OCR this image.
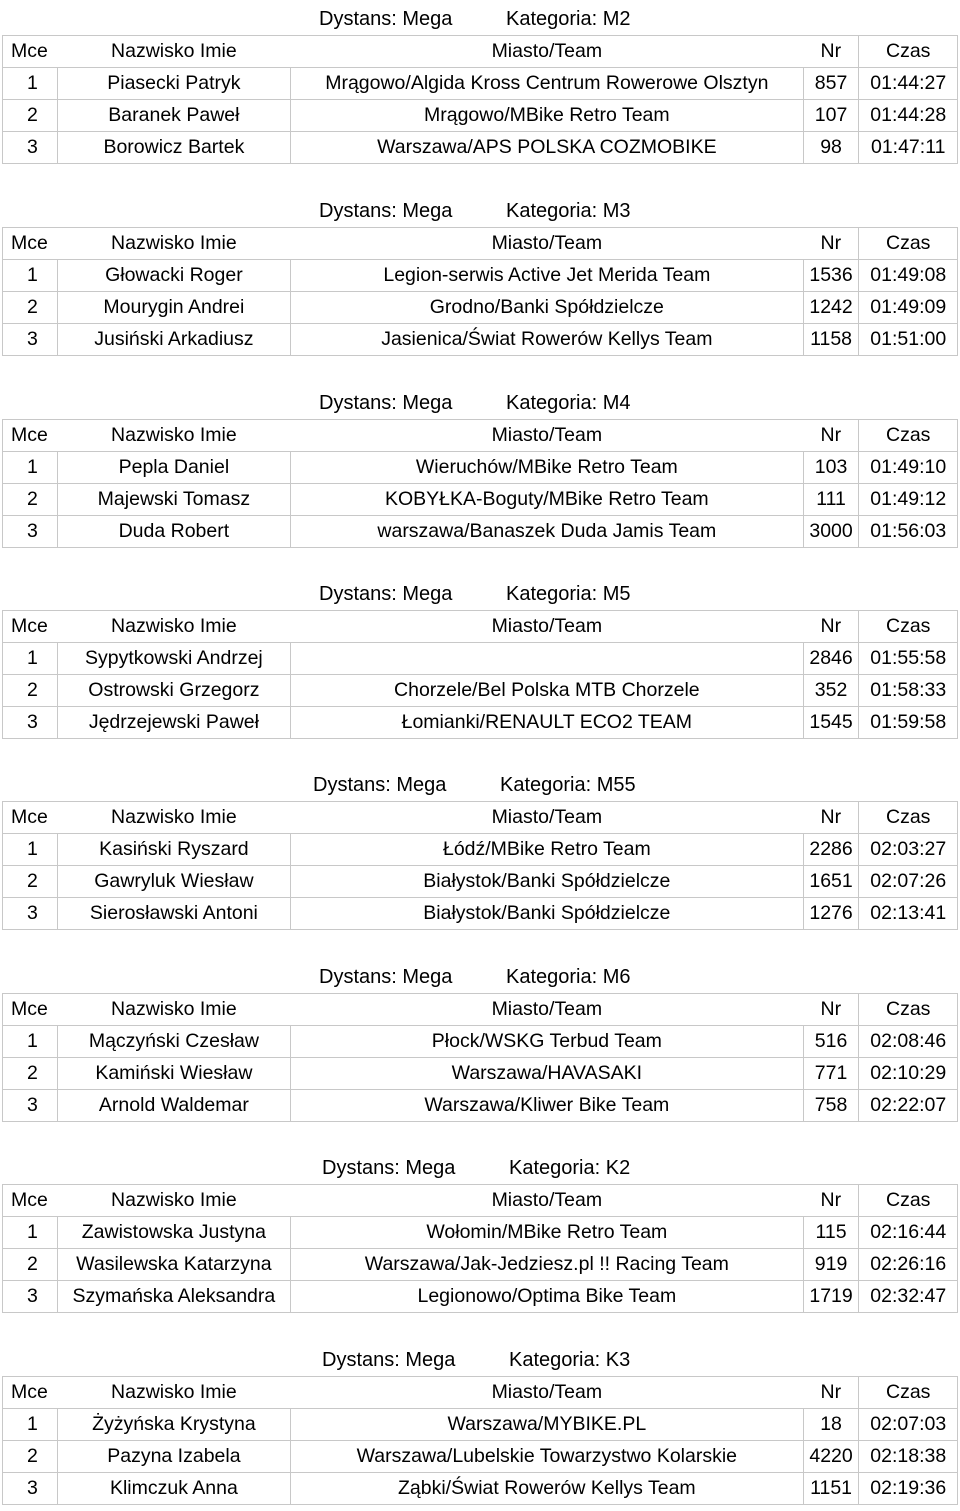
Dystans: Mega	Kategoria: M2
Mce	Nazwisko Imie	Miasto/Team	Nr	Czas
1	Piasecki Patryk	Mrągowo/Algida Kross Centrum Rowerowe Olsztyn	857	01:44:27
2	Baranek Paweł	Mrągowo/MBike Retro Team	107	01:44:28
3	Borowicz Bartek	Warszawa/APS POLSKA COZMOBIKE	98	01:47:11
Dystans: Mega	Kategoria: M3
Mce	Nazwisko Imie	Miasto/Team	Nr	Czas
1	Głowacki Roger	Legion-serwis Active Jet Merida Team	1536	01:49:08
2	Mourygin Andrei	Grodno/Banki Spółdzielcze	1242	01:49:09
3	Jusiński Arkadiusz	Jasienica/Świat Rowerów Kellys Team	1158	01:51:00
Dystans: Mega	Kategoria: M4
Mce	Nazwisko Imie	Miasto/Team	Nr	Czas
1	Pepla Daniel	Wieruchów/MBike Retro Team	103	01:49:10
2	Majewski Tomasz	KOBYŁKA-Boguty/MBike Retro Team	111	01:49:12
3	Duda Robert	warszawa/Banaszek Duda Jamis Team	3000	01:56:03
Dystans: Mega	Kategoria: M5
Mce	Nazwisko Imie	Miasto/Team	Nr	Czas
1	Sypytkowski Andrzej		2846	01:55:58
2	Ostrowski Grzegorz	Chorzele/Bel Polska MTB Chorzele	352	01:58:33
3	Jędrzejewski Paweł	Łomianki/RENAULT ECO2 TEAM	1545	01:59:58
Dystans: Mega	Kategoria: M55
Mce	Nazwisko Imie	Miasto/Team	Nr	Czas
1	Kasiński Ryszard	Łódź/MBike Retro Team	2286	02:03:27
2	Gawryluk Wiesław	Białystok/Banki Spółdzielcze	1651	02:07:26
3	Sierosławski Antoni	Białystok/Banki Spółdzielcze	1276	02:13:41
Dystans: Mega	Kategoria: M6
Mce	Nazwisko Imie	Miasto/Team	Nr	Czas
1	Mączyński Czesław	Płock/WSKG Terbud Team	516	02:08:46
2	Kamiński Wiesław	Warszawa/HAVASAKI	771	02:10:29
3	Arnold Waldemar	Warszawa/Kliwer Bike Team	758	02:22:07
Dystans: Mega	Kategoria: K2
Mce	Nazwisko Imie	Miasto/Team	Nr	Czas
1	Zawistowska Justyna	Wołomin/MBike Retro Team	115	02:16:44
2	Wasilewska Katarzyna	Warszawa/Jak-Jedziesz.pl !! Racing Team	919	02:26:16
3	Szymańska Aleksandra	Legionowo/Optima Bike Team	1719	02:32:47
Dystans: Mega	Kategoria: K3
Mce	Nazwisko Imie	Miasto/Team	Nr	Czas
1	Żyżyńska Krystyna	Warszawa/MYBIKE.PL	18	02:07:03
2	Pazyna Izabela	Warszawa/Lubelskie Towarzystwo Kolarskie	4220	02:18:38
3	Klimczuk Anna	Ząbki/Świat Rowerów Kellys Team	1151	02:19:36
